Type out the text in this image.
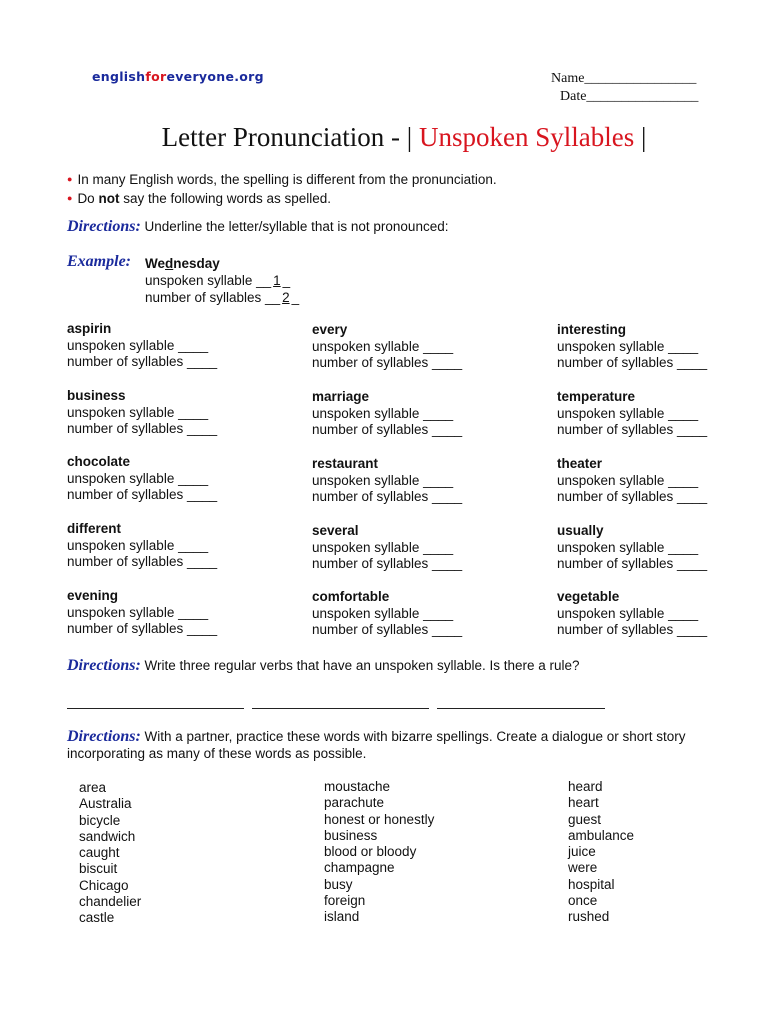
englishforeveryone.org	Name________________
Date________________
Letter Pronunciation - | Unspoken Syllables |
● In many English words, the spelling is different from the pronunciation.
● Do not say the following words as spelled.
Directions: Underline the letter/syllable that is not pronounced:
Example: Wednesday
unspoken syllable __ 1 _
number of syllables __ 2 _
aspirin
unspoken syllable ____
number of syllables ____
business
unspoken syllable ____
number of syllables ____
chocolate
unspoken syllable ____
number of syllables ____
different
unspoken syllable ____
number of syllables ____
evening
unspoken syllable ____
number of syllables ____
every
unspoken syllable ____
number of syllables ____
marriage
unspoken syllable ____
number of syllables ____
restaurant
unspoken syllable ____
number of syllables ____
several
unspoken syllable ____
number of syllables ____
comfortable
unspoken syllable ____
number of syllables ____
interesting
unspoken syllable ____
number of syllables ____
temperature
unspoken syllable ____
number of syllables ____
theater
unspoken syllable ____
number of syllables ____
usually
unspoken syllable ____
number of syllables ____
vegetable
unspoken syllable ____
number of syllables ____
Directions: Write three regular verbs that have an unspoken syllable. Is there a rule?
Directions: With a partner, practice these words with bizarre spellings. Create a dialogue or short story
incorporating as many of these words as possible.
area
Australia
bicycle
sandwich
caught
biscuit
Chicago
chandelier
castle
moustache
parachute
honest or honestly
business
blood or bloody
champagne
busy
foreign
island
heard
heart
guest
ambulance
juice
were
hospital
once
rushed
